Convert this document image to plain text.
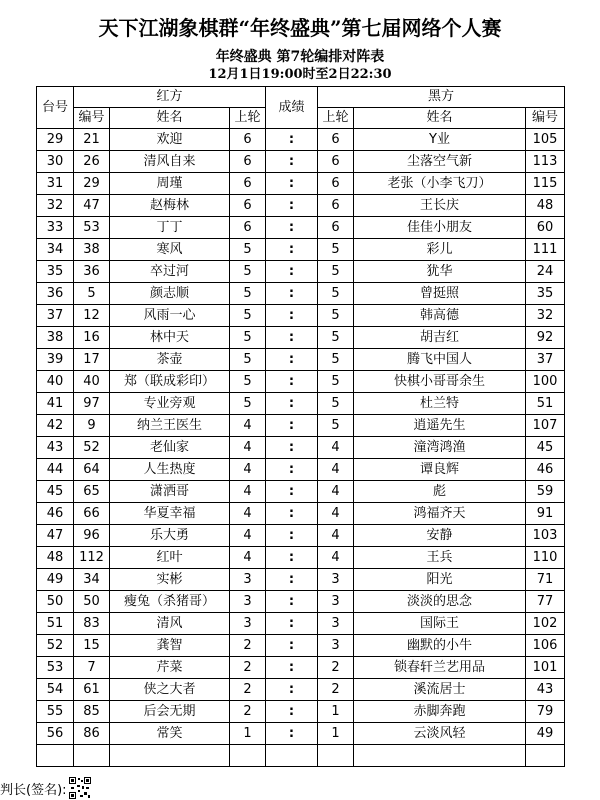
天下江湖象棋群“年终盛典”第七届网络个人赛
年终盛典 第7轮编排对阵表
12月1日19:00时至2日22:30
台号	红方			成绩	黑方		
	编号	姓名	上轮		上轮	姓名	编号
29	21	欢迎	6	:	6	Y业	105
30	26	清风自来	6	:	6	尘落空气新	113
31	29	周瑾	6	:	6	老张（小李飞刀）	115
32	47	赵梅林	6	:	6	王长庆	48
33	53	丁丁	6	:	6	佳佳小朋友	60
34	38	寒风	5	:	5	彩儿	111
35	36	卒过河	5	:	5	犹华	24
36	5	颜志顺	5	:	5	曾挺照	35
37	12	风雨一心	5	:	5	韩高德	32
38	16	林中天	5	:	5	胡吉红	92
39	17	茶壶	5	:	5	腾飞中国人	37
40	40	郑（联成彩印）	5	:	5	快棋小哥哥余生	100
41	97	专业旁观	5	:	5	杜兰特	51
42	9	纳兰王医生	4	:	5	逍遥先生	107
43	52	老仙家	4	:	4	潼湾鸿渔	45
44	64	人生热度	4	:	4	谭良辉	46
45	65	潇洒哥	4	:	4	彪	59
46	66	华夏幸福	4	:	4	鸿福齐天	91
47	96	乐大勇	4	:	4	安静	103
48	112	红叶	4	:	4	王兵	110
49	34	实彬	3	:	3	阳光	71
50	50	瘦兔（杀猪哥）	3	:	3	淡淡的思念	77
51	83	清风	3	:	3	国际王	102
52	15	龚智	2	:	3	幽默的小牛	106
53	7	芹菜	2	:	2	锁春轩兰艺用品	101
54	61	侠之大者	2	:	2	溪流居士	43
55	85	后会无期	2	:	1	赤脚奔跑	79
56	86	常笑	1	:	1	云淡风轻	49

判长(签名):
